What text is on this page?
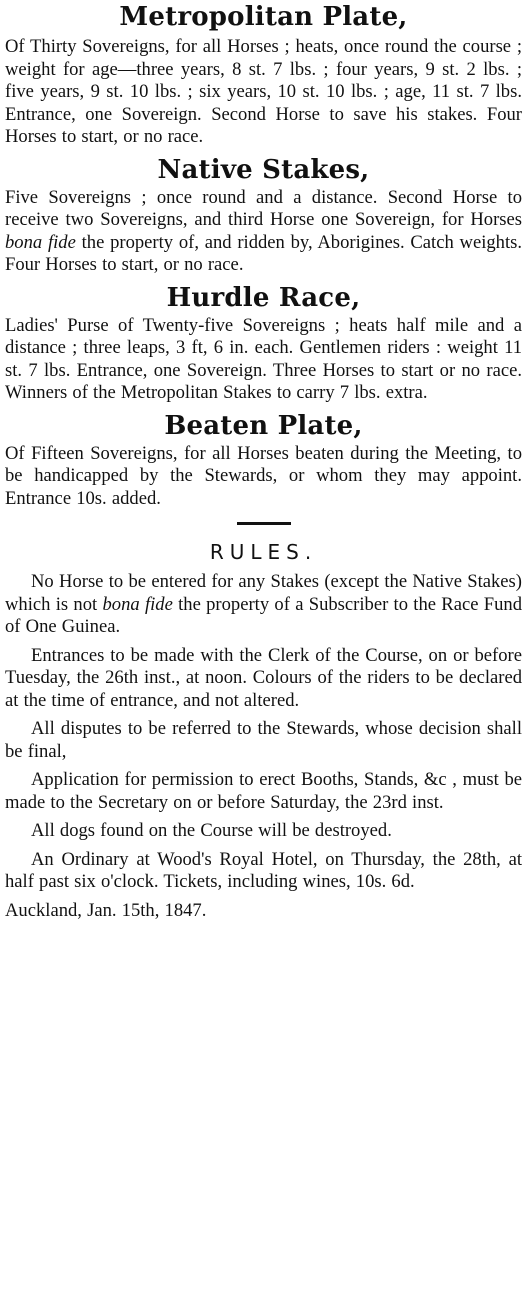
Metropolitan Plate,

Of Thirty Sovereigns, for all Horses ; heats, once round the course ; weight for age—three years, 8 st. 7 lbs. ; four years, 9 st. 2 lbs. ; five years, 9 st. 10 lbs. ; six years, 10 st. 10 lbs. ; age, 11 st. 7 lbs. Entrance, one Sovereign. Second Horse to save his stakes. Four Horses to start, or no race.

Native Stakes,

Five Sovereigns ; once round and a distance. Second Horse to receive two Sovereigns, and third Horse one Sovereign, for Horses bona fide the property of, and ridden by, Aborigines. Catch weights. Four Horses to start, or no race.

Hurdle Race,

Ladies' Purse of Twenty-five Sovereigns ; heats half mile and a distance ; three leaps, 3 ft, 6 in. each. Gentlemen riders : weight 11 st. 7 lbs. Entrance, one Sovereign. Three Horses to start or no race. Winners of the Metropolitan Stakes to carry 7 lbs. extra.

Beaten Plate,

Of Fifteen Sovereigns, for all Horses beaten during the Meeting, to be handicapped by the Stewards, or whom they may appoint. Entrance 10s. added.

RULES.

No Horse to be entered for any Stakes (except the Native Stakes) which is not bona fide the property of a Subscriber to the Race Fund of One Guinea.

Entrances to be made with the Clerk of the Course, on or before Tuesday, the 26th inst., at noon. Colours of the riders to be declared at the time of entrance, and not altered.

All disputes to be referred to the Stewards, whose decision shall be final,

Application for permission to erect Booths, Stands, &c , must be made to the Secretary on or before Saturday, the 23rd inst.

All dogs found on the Course will be destroyed.

An Ordinary at Wood's Royal Hotel, on Thursday, the 28th, at half past six o'clock. Tickets, including wines, 10s. 6d.

Auckland, Jan. 15th, 1847.
